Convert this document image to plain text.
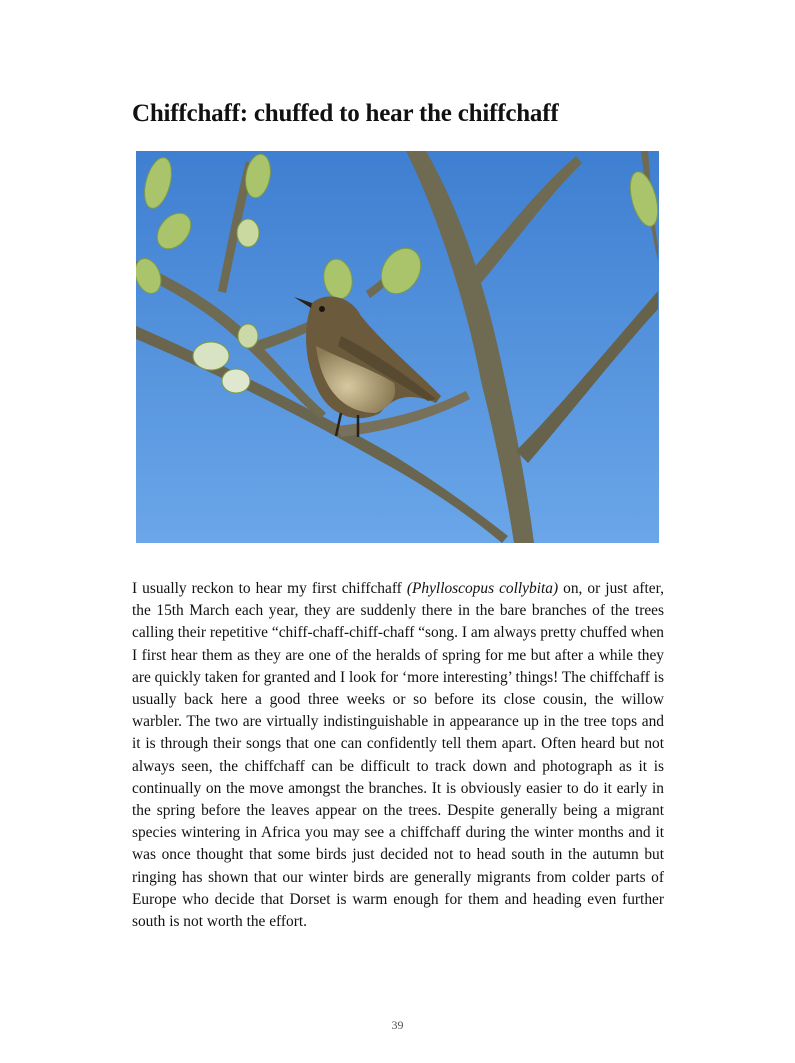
Chiffchaff: chuffed to hear the chiffchaff

I usually reckon to hear my first chiffchaff (Phylloscopus collybita) on, or just after, the 15th March each year, they are suddenly there in the bare branches of the trees calling their repetitive “chiff-chaff-chiff-chaff “song. I am always pretty chuffed when I first hear them as they are one of the heralds of spring for me but after a while they are quickly taken for granted and I look for ‘more interesting’ things! The chiffchaff is usually back here a good three weeks or so before its close cousin, the willow warbler. The two are virtually indistinguishable in appearance up in the tree tops and it is through their songs that one can confidently tell them apart. Often heard but not always seen, the chiffchaff can be difficult to track down and photograph as it is continually on the move amongst the branches. It is obviously easier to do it early in the spring before the leaves appear on the trees. Despite generally being a migrant species wintering in Africa you may see a chiffchaff during the winter months and it was once thought that some birds just decided not to head south in the autumn but ringing has shown that our winter birds are generally migrants from colder parts of Europe who decide that Dorset is warm enough for them and heading even further south is not worth the effort.

39
